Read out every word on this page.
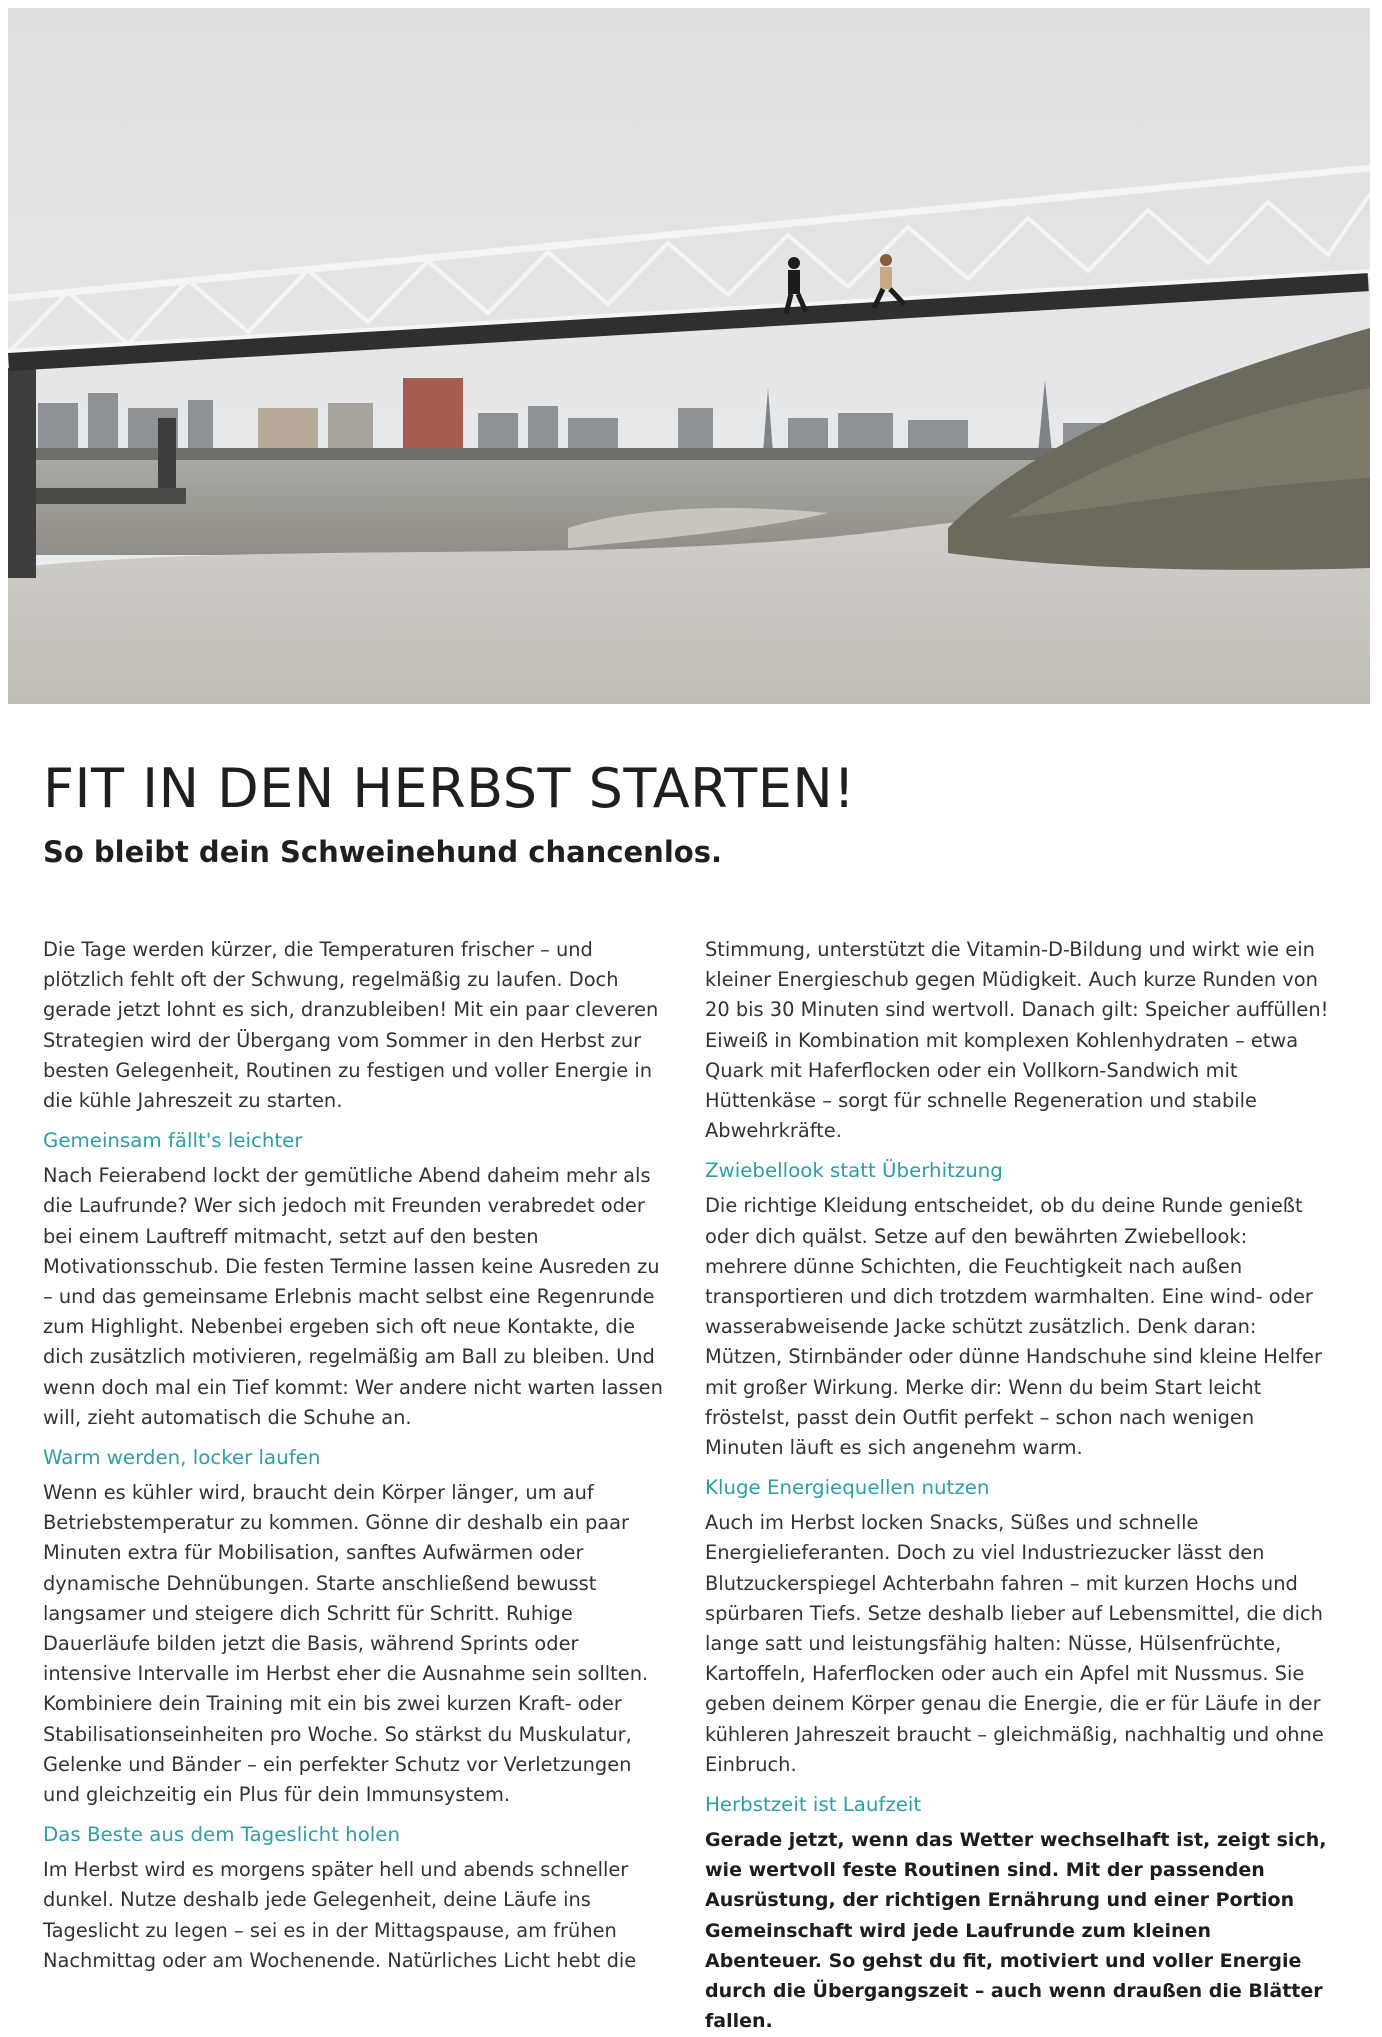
FIT IN DEN HERBST STARTEN!
So bleibt dein Schweinehund chancenlos.

Die Tage werden kürzer, die Temperaturen frischer – und plötzlich fehlt oft der Schwung, regelmäßig zu laufen. Doch gerade jetzt lohnt es sich, dranzubleiben! Mit ein paar cleveren Strategien wird der Übergang vom Sommer in den Herbst zur besten Gelegenheit, Routinen zu festigen und voller Energie in die kühle Jahreszeit zu starten.

Gemeinsam fällt's leichter

Nach Feierabend lockt der gemütliche Abend daheim mehr als die Laufrunde? Wer sich jedoch mit Freunden verabredet oder bei einem Lauftreff mitmacht, setzt auf den besten Motivationsschub. Die festen Termine lassen keine Ausreden zu – und das gemeinsame Erlebnis macht selbst eine Regenrunde zum Highlight. Nebenbei ergeben sich oft neue Kontakte, die dich zusätzlich motivieren, regelmäßig am Ball zu bleiben. Und wenn doch mal ein Tief kommt: Wer andere nicht warten lassen will, zieht automatisch die Schuhe an.

Warm werden, locker laufen

Wenn es kühler wird, braucht dein Körper länger, um auf Betriebstemperatur zu kommen. Gönne dir deshalb ein paar Minuten extra für Mobilisation, sanftes Aufwärmen oder dynamische Dehnübungen. Starte anschließend bewusst langsamer und steigere dich Schritt für Schritt. Ruhige Dauerläufe bilden jetzt die Basis, während Sprints oder intensive Intervalle im Herbst eher die Ausnahme sein sollten. Kombiniere dein Training mit ein bis zwei kurzen Kraft- oder Stabilisationseinheiten pro Woche. So stärkst du Muskulatur, Gelenke und Bänder – ein perfekter Schutz vor Verletzungen und gleichzeitig ein Plus für dein Immunsystem.

Das Beste aus dem Tageslicht holen

Im Herbst wird es morgens später hell und abends schneller dunkel. Nutze deshalb jede Gelegenheit, deine Läufe ins Tageslicht zu legen – sei es in der Mittagspause, am frühen Nachmittag oder am Wochenende. Natürliches Licht hebt die

Stimmung, unterstützt die Vitamin-D-Bildung und wirkt wie ein kleiner Energieschub gegen Müdigkeit. Auch kurze Runden von 20 bis 30 Minuten sind wertvoll. Danach gilt: Speicher auffüllen! Eiweiß in Kombination mit komplexen Kohlenhydraten – etwa Quark mit Haferflocken oder ein Vollkorn-Sandwich mit Hüttenkäse – sorgt für schnelle Regeneration und stabile Abwehrkräfte.

Zwiebellook statt Überhitzung

Die richtige Kleidung entscheidet, ob du deine Runde genießt oder dich quälst. Setze auf den bewährten Zwiebellook: mehrere dünne Schichten, die Feuchtigkeit nach außen transportieren und dich trotzdem warmhalten. Eine wind- oder wasserabweisende Jacke schützt zusätzlich. Denk daran: Mützen, Stirnbänder oder dünne Handschuhe sind kleine Helfer mit großer Wirkung. Merke dir: Wenn du beim Start leicht fröstelst, passt dein Outfit perfekt – schon nach wenigen Minuten läuft es sich angenehm warm.

Kluge Energiequellen nutzen

Auch im Herbst locken Snacks, Süßes und schnelle Energielieferanten. Doch zu viel Industriezucker lässt den Blutzuckerspiegel Achterbahn fahren – mit kurzen Hochs und spürbaren Tiefs. Setze deshalb lieber auf Lebensmittel, die dich lange satt und leistungsfähig halten: Nüsse, Hülsenfrüchte, Kartoffeln, Haferflocken oder auch ein Apfel mit Nussmus. Sie geben deinem Körper genau die Energie, die er für Läufe in der kühleren Jahreszeit braucht – gleichmäßig, nachhaltig und ohne Einbruch.

Herbstzeit ist Laufzeit

Gerade jetzt, wenn das Wetter wechselhaft ist, zeigt sich, wie wertvoll feste Routinen sind. Mit der passenden Ausrüstung, der richtigen Ernährung und einer Portion Gemeinschaft wird jede Laufrunde zum kleinen Abenteuer. So gehst du fit, motiviert und voller Energie durch die Übergangszeit – auch wenn draußen die Blätter fallen.
